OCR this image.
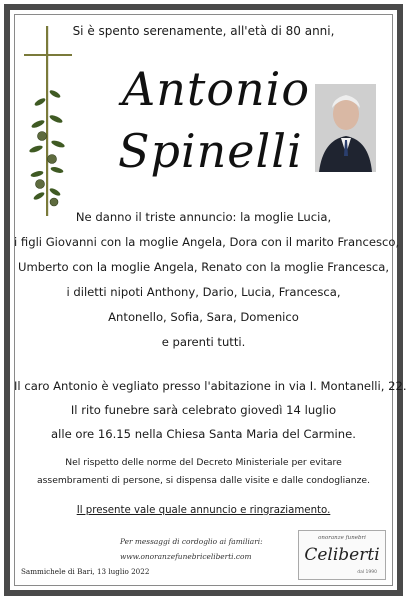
Si è spento serenamente, all'età di 80 anni,
Antonio
Spinelli
Ne danno il triste annuncio: la moglie Lucia,
i figli Giovanni con la moglie Angela, Dora con il marito Francesco,
Umberto con la moglie Angela, Renato con la moglie Francesca,
i diletti nipoti Anthony, Dario, Lucia, Francesca,
Antonello, Sofia, Sara, Domenico
e parenti tutti.
Il caro Antonio è vegliato presso l'abitazione in via I. Montanelli, 22.
Il rito funebre sarà celebrato giovedì 14 luglio
alle ore 16.15 nella Chiesa Santa Maria del Carmine.
Nel rispetto delle norme del Decreto Ministeriale per evitare
assembramenti di persone, si dispensa dalle visite e dalle condoglianze.
Il presente vale quale annuncio e ringraziamento.
Per messaggi di cordoglio ai familiari:
www.onoranzefunebriceliberti.com
onoranze funebri
Celiberti
dal 1990
Sammichele di Bari, 13 luglio 2022
